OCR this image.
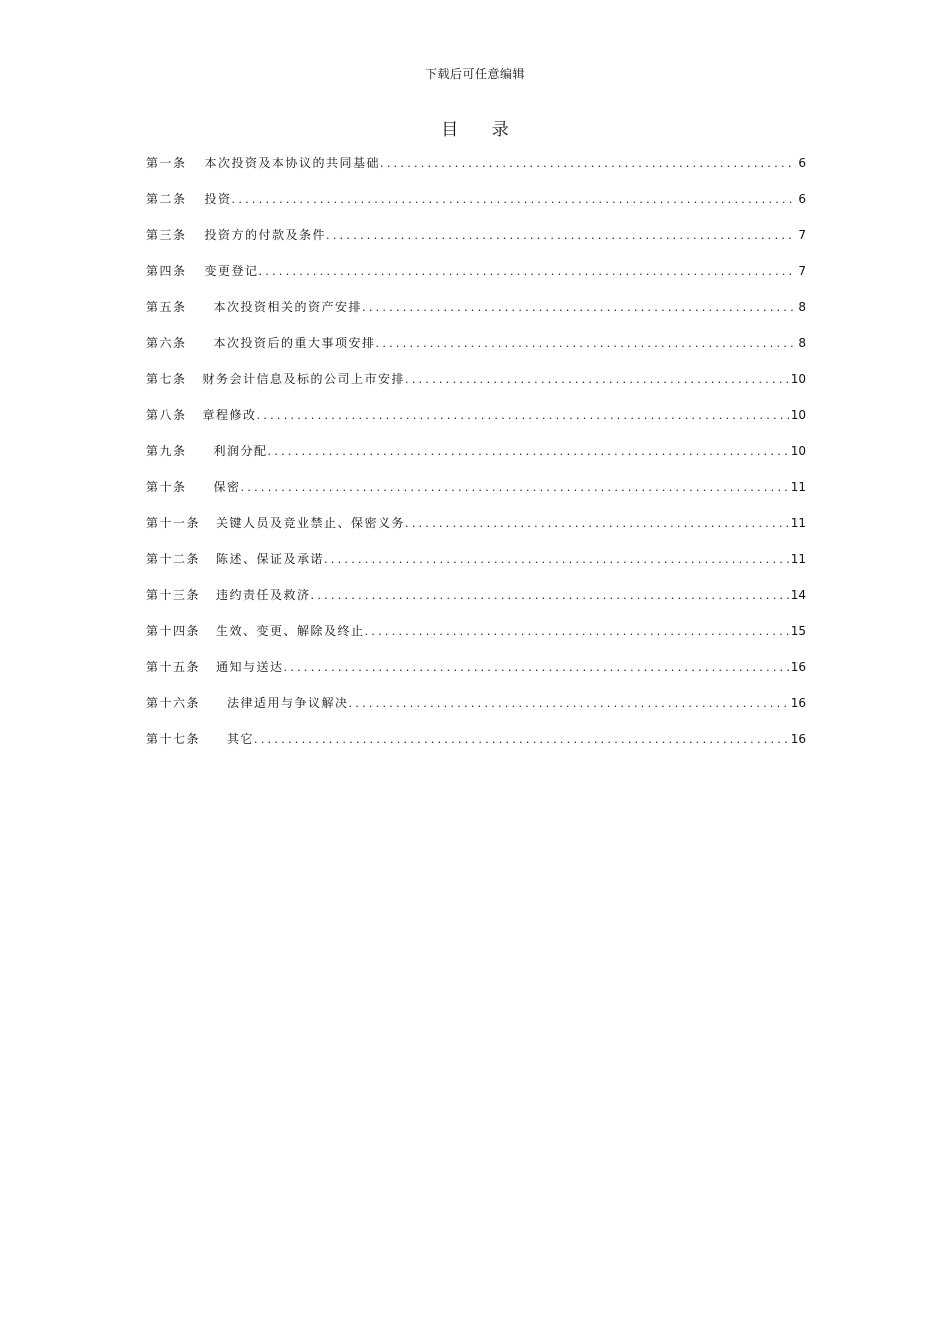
下载后可任意编辑
目 录
第一条 本次投资及本协议的共同基础 .....	6
第二条 投资 .....	6
第三条 投资方的付款及条件 .....	7
第四条 变更登记 .....	7
第五条 本次投资相关的资产安排 .....	8
第六条 本次投资后的重大事项安排 .....	8
第七条 财务会计信息及标的公司上市安排 .....	10
第八条 章程修改 .....	10
第九条 利润分配 .....	10
第十条 保密 .....	11
第十一条 关键人员及竞业禁止、保密义务 .....	11
第十二条 陈述、保证及承诺 .....	11
第十三条 违约责任及救济 .....	14
第十四条 生效、变更、解除及终止 .....	15
第十五条 通知与送达 .....	16
第十六条 法律适用与争议解决 .....	16
第十七条 其它 .....	16
